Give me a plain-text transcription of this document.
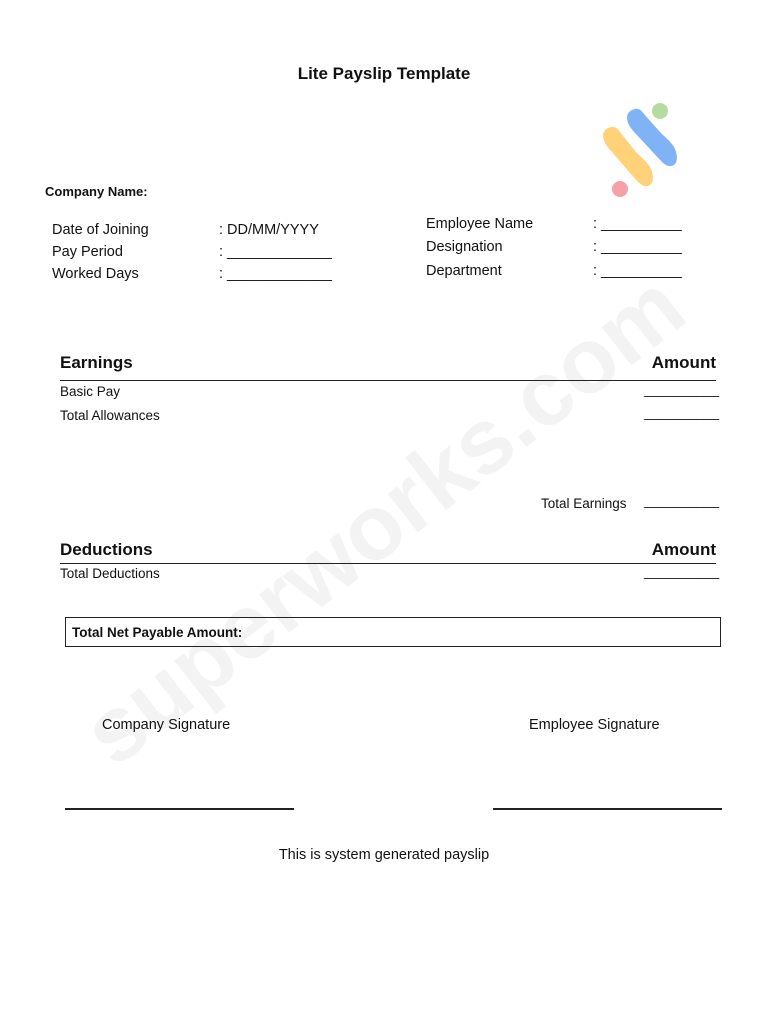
Lite Payslip Template
Company Name:
Date of Joining	: DD/MM/YYYY
Pay Period	: _____________
Worked Days	: _____________
Employee Name	: __________
Designation	: __________
Department	: __________
Earnings	Amount
Basic Pay	__________
Total Allowances	__________
Total Earnings __________
Deductions	Amount
Total Deductions	__________
Total Net Payable Amount:
Company Signature	Employee Signature
This is system generated payslip
